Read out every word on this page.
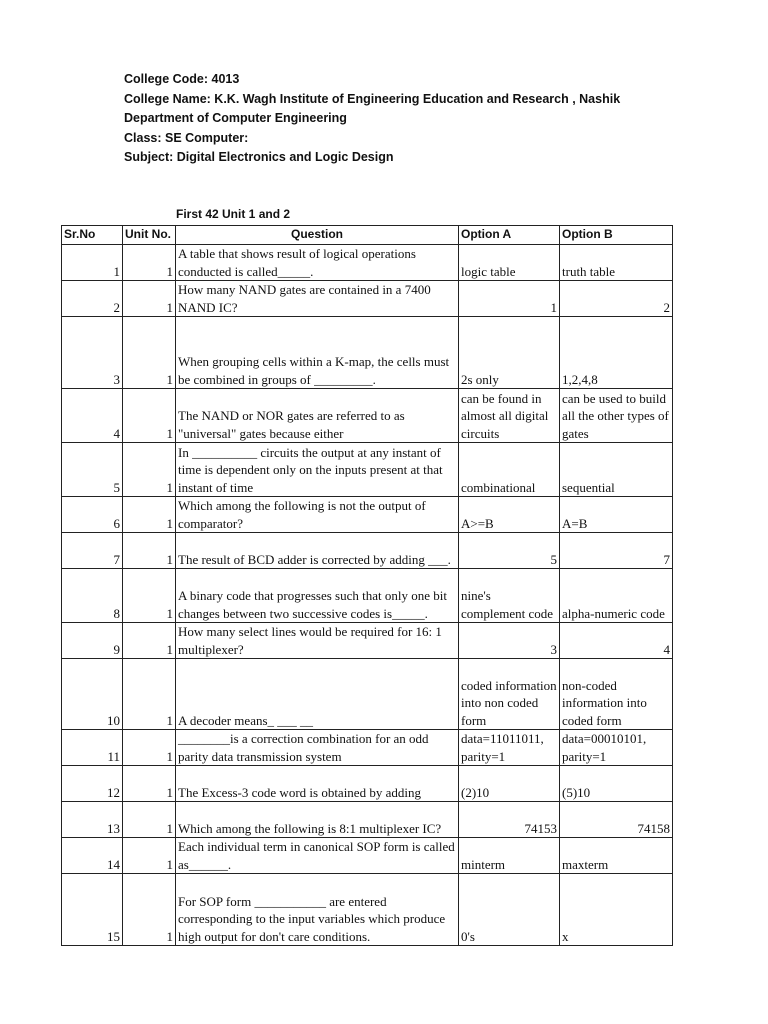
College Code: 4013
College Name: K.K. Wagh Institute of Engineering Education and Research , Nashik
Department of Computer Engineering
Class: SE Computer:
Subject: Digital Electronics and Logic Design
First 42 Unit 1 and 2
Sr.No	Unit No.	Question	Option A	Option B
1	1	A table that shows result of logical operations conducted is called_____.	logic table	truth table
2	1	How many NAND gates are contained in a 7400 NAND IC?	1	2
3	1	When grouping cells within a K-map, the cells must be combined in groups of _________.	2s only	1,2,4,8
4	1	The NAND or NOR gates are referred to as "universal" gates because either	can be found in almost all digital circuits	can be used to build all the other types of gates
5	1	In __________ circuits the output at any instant of time is dependent only on the inputs present at that instant of time	combinational	sequential
6	1	Which among the following is not the output of comparator?	A>=B	A=B
7	1	The result of BCD adder is corrected by adding ___.	5	7
8	1	A binary code that progresses such that only one bit changes between two successive codes is_____.	nine's complement code	alpha-numeric code
9	1	How many select lines would be required for 16: 1 multiplexer?	3	4
10	1	A decoder means_ ___ __	coded information into non coded form	non-coded information into coded form
11	1	________is a correction combination for an odd parity data transmission system	data=11011011, parity=1	data=00010101, parity=1
12	1	The Excess-3 code word is obtained by adding	(2)10	(5)10
13	1	Which among the following is 8:1 multiplexer IC?	74153	74158
14	1	Each individual term in canonical SOP form is called as______.	minterm	maxterm
15	1	For SOP form ___________ are entered corresponding to the input variables which produce high output for don't care conditions.	0's	x
